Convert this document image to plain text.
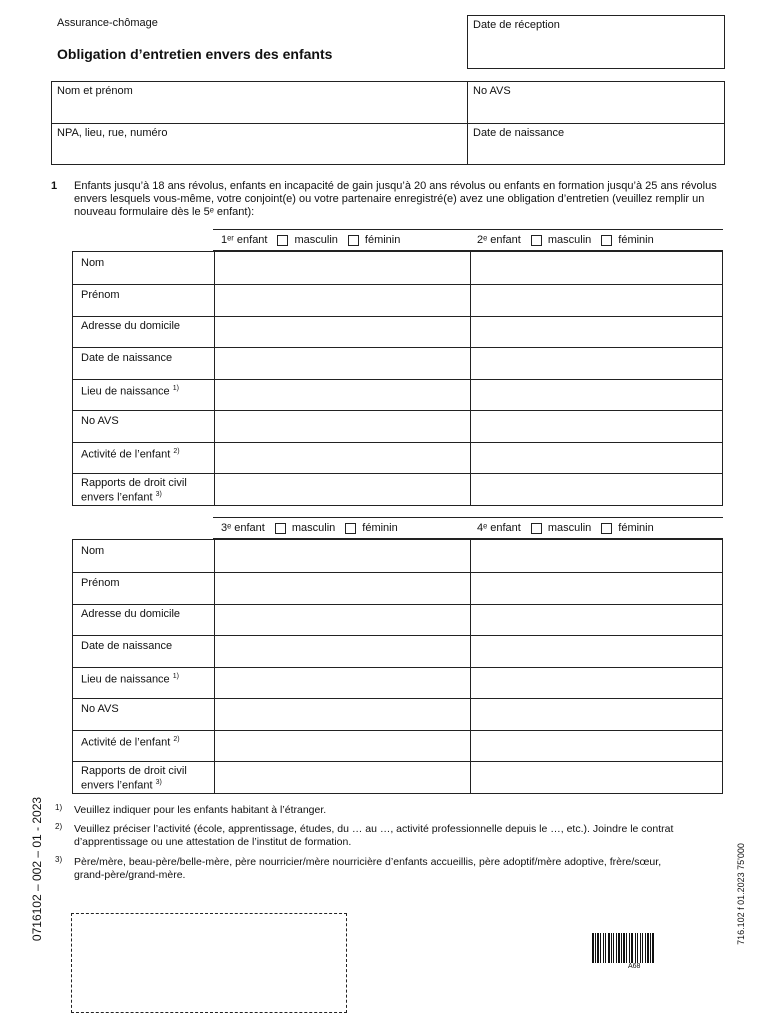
Assurance-chômage
Obligation d’entretien envers des enfants
Date de réception
Nom et prénom	No AVS
NPA, lieu, rue, numéro	Date de naissance
1 Enfants jusqu’à 18 ans révolus, enfants en incapacité de gain jusqu’à 20 ans révolus ou enfants en formation jusqu’à 25 ans révolus envers lesquels vous-même, votre conjoint(e) ou votre partenaire enregistré(e) avez une obligation d’entretien (veuillez remplir un nouveau formulaire dès le 5ᵉ enfant):
1ᵉʳ enfant masculin féminin	2ᵉ enfant masculin féminin
Nom
Prénom
Adresse du domicile
Date de naissance
Lieu de naissance $^{1)}$
No AVS
Activité de l’enfant $^{2)}$
Rapports de droit civil envers l’enfant $^{3)}$
3ᵉ enfant masculin féminin	4ᵉ enfant masculin féminin
Nom
Prénom
Adresse du domicile
Date de naissance
Lieu de naissance $^{1)}$
No AVS
Activité de l’enfant $^{2)}$
Rapports de droit civil envers l’enfant $^{3)}$
1) Veuillez indiquer pour les enfants habitant à l’étranger.
2) Veuillez préciser l’activité (école, apprentissage, études, du … au …, activité professionnelle depuis le …, etc.). Joindre le contrat d’apprentissage ou une attestation de l’institut de formation.
3) Père/mère, beau-père/belle-mère, père nourricier/mère nourricière d’enfants accueillis, père adoptif/mère adoptive, frère/sœur, grand-père/grand-mère.
0716102 – 002 – 01 - 2023	716.102 f 01.2023 75'000
A68
